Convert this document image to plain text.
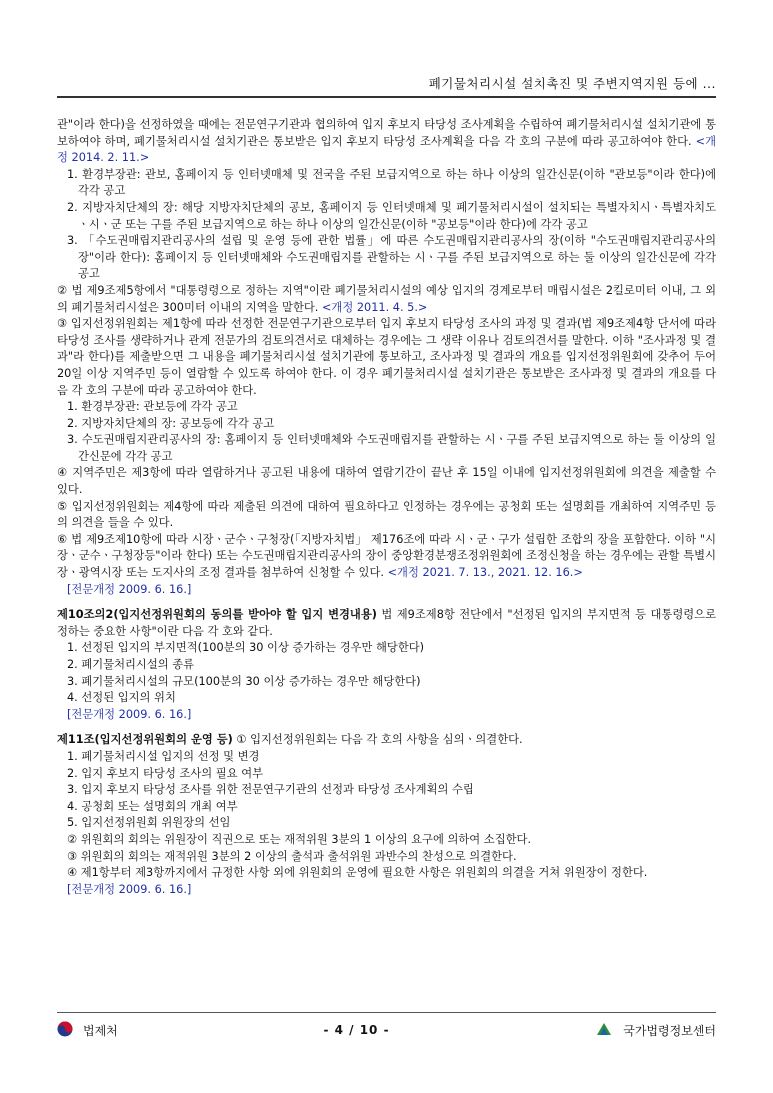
폐기물처리시설 설치촉진 및 주변지역지원 등에 ...

관"이라 한다)을 선정하였을 때에는 전문연구기관과 협의하여 입지 후보지 타당성 조사계획을 수립하여 폐기물처리시설 설치기관에 통보하여야 하며, 폐기물처리시설 설치기관은 통보받은 입지 후보지 타당성 조사계획을 다음 각 호의 구분에 따라 공고하여야 한다. <개정 2014. 2. 11.>

1. 환경부장관: 관보, 홈페이지 등 인터넷매체 및 전국을 주된 보급지역으로 하는 하나 이상의 일간신문(이하 "관보등"이라 한다)에 각각 공고

2. 지방자치단체의 장: 해당 지방자치단체의 공보, 홈페이지 등 인터넷매체 및 폐기물처리시설이 설치되는 특별자치시ㆍ특별자치도ㆍ시ㆍ군 또는 구를 주된 보급지역으로 하는 하나 이상의 일간신문(이하 "공보등"이라 한다)에 각각 공고

3. 「수도권매립지관리공사의 설립 및 운영 등에 관한 법률」에 따른 수도권매립지관리공사의 장(이하 "수도권매립지관리공사의 장"이라 한다): 홈페이지 등 인터넷매체와 수도권매립지를 관할하는 시ㆍ구를 주된 보급지역으로 하는 둘 이상의 일간신문에 각각 공고

② 법 제9조제5항에서 "대통령령으로 정하는 지역"이란 폐기물처리시설의 예상 입지의 경계로부터 매립시설은 2킬로미터 이내, 그 외의 폐기물처리시설은 300미터 이내의 지역을 말한다. <개정 2011. 4. 5.>

③ 입지선정위원회는 제1항에 따라 선정한 전문연구기관으로부터 입지 후보지 타당성 조사의 과정 및 결과(법 제9조제4항 단서에 따라 타당성 조사를 생략하거나 관계 전문가의 검토의견서로 대체하는 경우에는 그 생략 이유나 검토의견서를 말한다. 이하 "조사과정 및 결과"라 한다)를 제출받으면 그 내용을 폐기물처리시설 설치기관에 통보하고, 조사과정 및 결과의 개요를 입지선정위원회에 갖추어 두어 20일 이상 지역주민 등이 열람할 수 있도록 하여야 한다. 이 경우 폐기물처리시설 설치기관은 통보받은 조사과정 및 결과의 개요를 다음 각 호의 구분에 따라 공고하여야 한다.

1. 환경부장관: 관보등에 각각 공고

2. 지방자치단체의 장: 공보등에 각각 공고

3. 수도권매립지관리공사의 장: 홈페이지 등 인터넷매체와 수도권매립지를 관할하는 시ㆍ구를 주된 보급지역으로 하는 둘 이상의 일간신문에 각각 공고

④ 지역주민은 제3항에 따라 열람하거나 공고된 내용에 대하여 열람기간이 끝난 후 15일 이내에 입지선정위원회에 의견을 제출할 수 있다.

⑤ 입지선정위원회는 제4항에 따라 제출된 의견에 대하여 필요하다고 인정하는 경우에는 공청회 또는 설명회를 개최하여 지역주민 등의 의견을 들을 수 있다.

⑥ 법 제9조제10항에 따라 시장ㆍ군수ㆍ구청장(「지방자치법」 제176조에 따라 시ㆍ군ㆍ구가 설립한 조합의 장을 포함한다. 이하 "시장ㆍ군수ㆍ구청장등"이라 한다) 또는 수도권매립지관리공사의 장이 중앙환경분쟁조정위원회에 조정신청을 하는 경우에는 관할 특별시장ㆍ광역시장 또는 도지사의 조정 결과를 첨부하여 신청할 수 있다. <개정 2021. 7. 13., 2021. 12. 16.>

[전문개정 2009. 6. 16.]

제10조의2(입지선정위원회의 동의를 받아야 할 입지 변경내용) 법 제9조제8항 전단에서 "선정된 입지의 부지면적 등 대통령령으로 정하는 중요한 사항"이란 다음 각 호와 같다.

1. 선정된 입지의 부지면적(100분의 30 이상 증가하는 경우만 해당한다)

2. 폐기물처리시설의 종류

3. 폐기물처리시설의 규모(100분의 30 이상 증가하는 경우만 해당한다)

4. 선정된 입지의 위치

[전문개정 2009. 6. 16.]

제11조(입지선정위원회의 운영 등) ① 입지선정위원회는 다음 각 호의 사항을 심의ㆍ의결한다.

1. 폐기물처리시설 입지의 선정 및 변경

2. 입지 후보지 타당성 조사의 필요 여부

3. 입지 후보지 타당성 조사를 위한 전문연구기관의 선정과 타당성 조사계획의 수립

4. 공청회 또는 설명회의 개최 여부

5. 입지선정위원회 위원장의 선임

② 위원회의 회의는 위원장이 직권으로 또는 재적위원 3분의 1 이상의 요구에 의하여 소집한다.

③ 위원회의 회의는 재적위원 3분의 2 이상의 출석과 출석위원 과반수의 찬성으로 의결한다.

④ 제1항부터 제3항까지에서 규정한 사항 외에 위원회의 운영에 필요한 사항은 위원회의 의결을 거쳐 위원장이 정한다.

[전문개정 2009. 6. 16.]

법제처	- 4 / 10 -	국가법령정보센터
